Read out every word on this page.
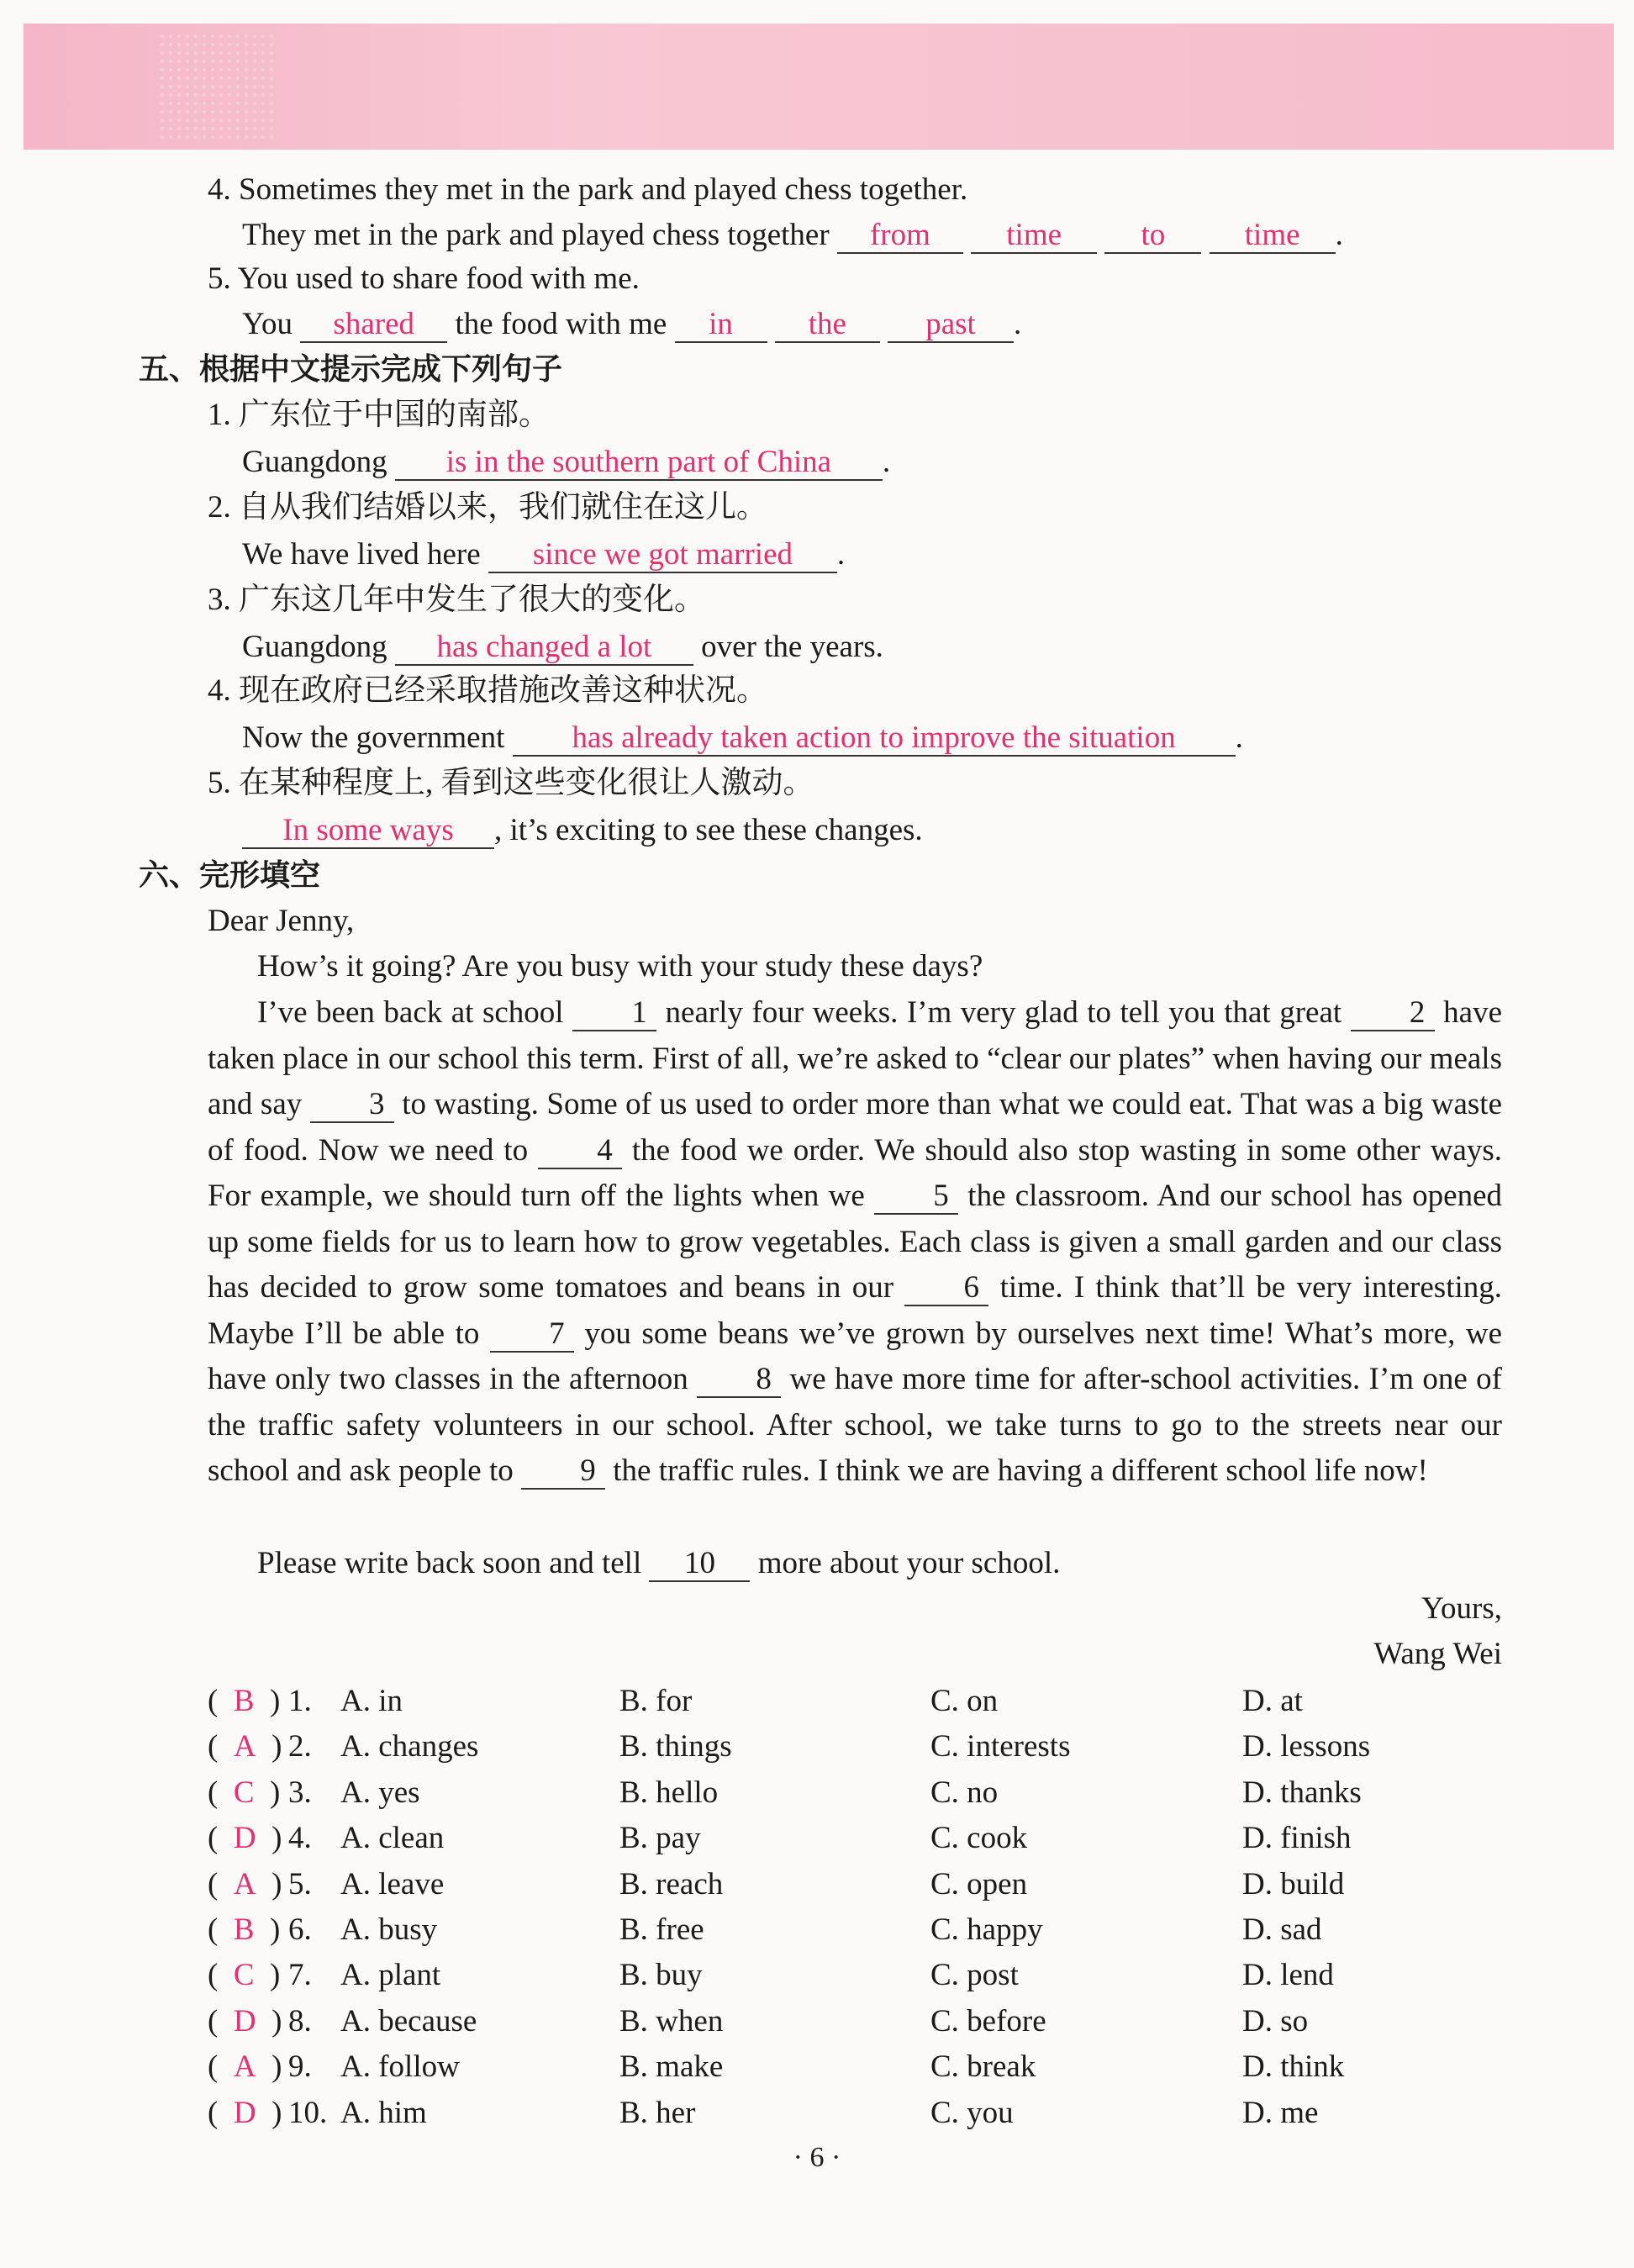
4. Sometimes they met in the park and played chess together.
They met in the park and played chess together from time	to	time .
5. You used to share food with me.
You shared the food with me in the	past .
五、根据中文提示完成下列句子
1. 广东位于中国的南部。
Guangdong is in the southern part of China .
2. 自从我们结婚以来，我们就住在这儿。
We have lived here since we got married .
3. 广东这几年中发生了很大的变化。
Guangdong has changed a lot over the years.
4. 现在政府已经采取措施改善这种状况。
Now the government has already taken action to improve the situation .
5. 在某种程度上, 看到这些变化很让人激动。
In some ways , it’s exciting to see these changes.
六、完形填空
Dear Jenny,
How’s it going? Are you busy with your study these days?
I’ve been back at school 1 nearly four weeks. I’m very glad to tell you that great 2 have taken place in our school this term. First of all, we’re asked to “clear our plates” when having our meals and say 3 to wasting. Some of us used to order more than what we could eat. That was a big waste of food. Now we need to 4 the food we order. We should also stop wasting in some other ways. For example, we should turn off the lights when we 5 the classroom. And our school has opened up some fields for us to learn how to grow vegetables. Each class is given a small garden and our class has decided to grow some tomatoes and beans in our 6 time. I think that’ll be very interesting. Maybe I’ll be able to 7 you some beans we’ve grown by ourselves next time! What’s more, we have only two classes in the afternoon 8 we have more time for after-school activities. I’m one of the traffic safety volunteers in our school. After school, we take turns to go to the streets near our school and ask people to 9 the traffic rules. I think we are having a different school life now!
Please write back soon and tell 10 more about your school.
Yours,
Wang Wei
(  B  ) 1. A. in	B. for	C. on	D. at
(  A  ) 2. A. changes	B. things	C. interests	D. lessons
(  C  ) 3. A. yes	B. hello	C. no	D. thanks
(  D  ) 4. A. clean	B. pay	C. cook	D. finish
(  A  ) 5. A. leave	B. reach	C. open	D. build
(  B  ) 6. A. busy	B. free	C. happy	D. sad
(  C  ) 7. A. plant	B. buy	C. post	D. lend
(  D  ) 8. A. because	B. when	C. before	D. so
(  A  ) 9. A. follow	B. make	C. break	D. think
(  D  ) 10. A. him	B. her	C. you	D. me
· 6 ·
